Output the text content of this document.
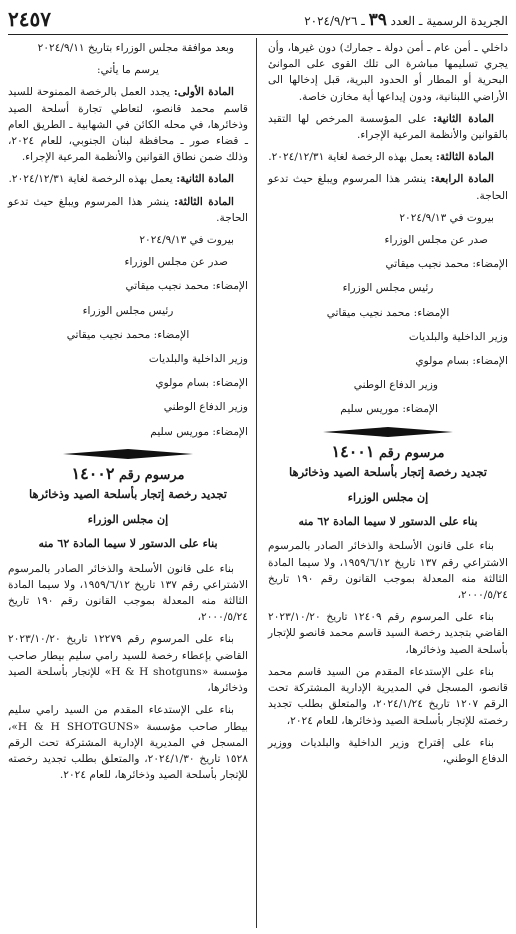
الجريدة الرسمية ـ العدد ٣٩ ـ ٢٠٢٤/٩/٢٦
٢٤٥٧

داخلي ـ أمن عام ـ أمن دولة ـ جمارك) دون غيرها، وأن يجري تسليمها مباشرة الى تلك القوى على الموانئ البحرية أو المطار أو الحدود البرية، قبل إدخالها الى الأراضي اللبنانية، ودون إيداعها أية مخازن خاصة.

المادة الثانية: على المؤسسة المرخص لها التقيد بالقوانين والأنظمة المرعية الإجراء.

المادة الثالثة: يعمل بهذه الرخصة لغاية ٢٠٢٤/١٢/٣١.

المادة الرابعة: ينشر هذا المرسوم ويبلغ حيث تدعو الحاجة.

بيروت في ٢٠٢٤/٩/١٣

صدر عن مجلس الوزراء

الإمضاء: محمد نجيب ميقاتي

رئيس مجلس الوزراء

الإمضاء: محمد نجيب ميقاتي

وزير الداخلية والبلديات

الإمضاء: بسام مولوي

وزير الدفاع الوطني

الإمضاء: موريس سليم

مرسوم رقم ١٤٠٠١
تجديد رخصة إتجار بأسلحة الصيد وذخائرها
إن مجلس الوزراء
بناء على الدستور لا سيما المادة ٦٢ منه

بناء على قانون الأسلحة والذخائر الصادر بالمرسوم الاشتراعي رقم ١٣٧ تاريخ ١٩٥٩/٦/١٢، ولا سيما المادة الثالثة منه المعدلة بموجب القانون رقم ١٩٠ تاريخ ٢٠٠٠/٥/٢٤،

بناء على المرسوم رقم ١٢٤٠٩ تاريخ ٢٠٢٣/١٠/٢٠ القاضي بتجديد رخصة السيد قاسم محمد قانصو للإتجار بأسلحة الصيد وذخائرها،

بناء على الإستدعاء المقدم من السيد قاسم محمد قانصو، المسجل في المديرية الإدارية المشتركة تحت الرقم ١٢٠٧ تاريخ ٢٠٢٤/١/٢٤، والمتعلق بطلب تجديد رخصته للإتجار بأسلحة الصيد وذخائرها، للعام ٢٠٢٤،

بناء على إقتراح وزير الداخلية والبلديات ووزير الدفاع الوطني،

وبعد موافقة مجلس الوزراء بتاريخ ٢٠٢٤/٩/١١

يرسم ما يأتي:

المادة الأولى: يجدد العمل بالرخصة الممنوحة للسيد قاسم محمد قانصو، لتعاطي تجارة أسلحة الصيد وذخائرها، في محله الكائن في الشهابية ـ الطريق العام ـ قضاء صور ـ محافظة لبنان الجنوبي، للعام ٢٠٢٤، وذلك ضمن نطاق القوانين والأنظمة المرعية الإجراء.

المادة الثانية: يعمل بهذه الرخصة لغاية ٢٠٢٤/١٢/٣١.

المادة الثالثة: ينشر هذا المرسوم ويبلغ حيث تدعو الحاجة.

بيروت في ٢٠٢٤/٩/١٣

صدر عن مجلس الوزراء

الإمضاء: محمد نجيب ميقاتي

رئيس مجلس الوزراء

الإمضاء: محمد نجيب ميقاتي

وزير الداخلية والبلديات

الإمضاء: بسام مولوي

وزير الدفاع الوطني

الإمضاء: موريس سليم

مرسوم رقم ١٤٠٠٢
تجديد رخصة إتجار بأسلحة الصيد وذخائرها
إن مجلس الوزراء
بناء على الدستور لا سيما المادة ٦٢ منه

بناء على قانون الأسلحة والذخائر الصادر بالمرسوم الاشتراعي رقم ١٣٧ تاريخ ١٩٥٩/٦/١٢، ولا سيما المادة الثالثة منه المعدلة بموجب القانون رقم ١٩٠ تاريخ ٢٠٠٠/٥/٢٤،

بناء على المرسوم رقم ١٢٢٧٩ تاريخ ٢٠٢٣/١٠/٢٠ القاضي بإعطاء رخصة للسيد رامي سليم بيطار صاحب مؤسسة «H & H shotguns» للإتجار بأسلحة الصيد وذخائرها،

بناء على الإستدعاء المقدم من السيد رامي سليم بيطار صاحب مؤسسة «H & H SHOTGUNS»، المسجل في المديرية الإدارية المشتركة تحت الرقم ١٥٢٨ تاريخ ٢٠٢٤/١/٣٠، والمتعلق بطلب تجديد رخصته للإتجار بأسلحة الصيد وذخائرها، للعام ٢٠٢٤.
